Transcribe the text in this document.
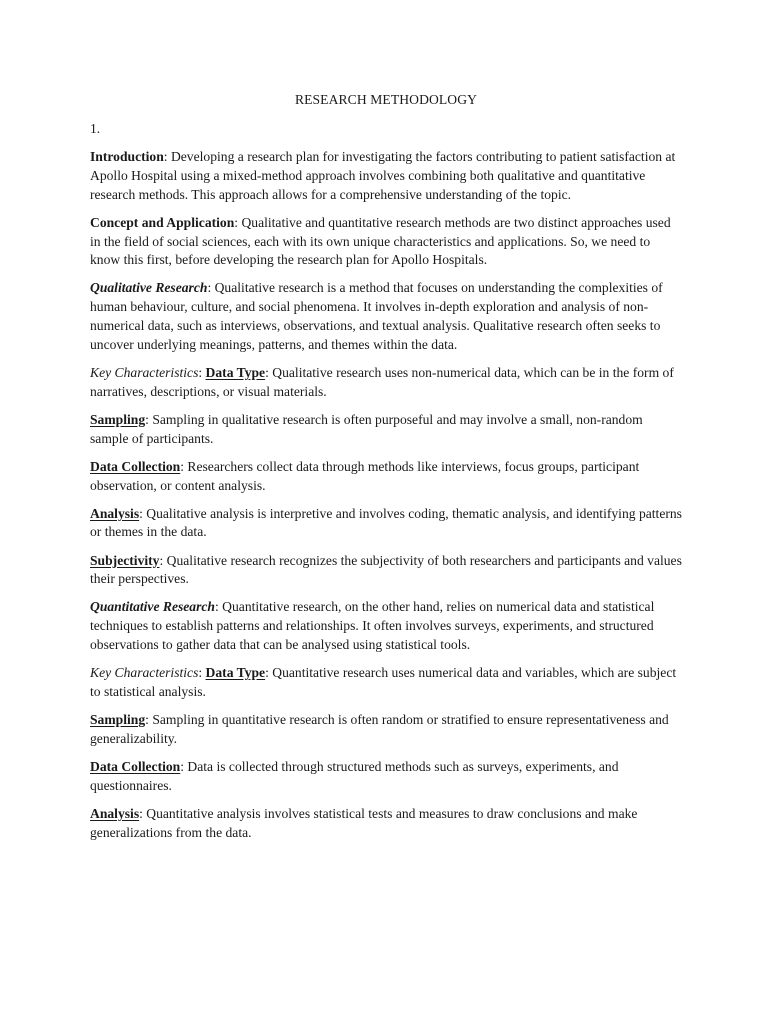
RESEARCH METHODOLOGY
1.

Introduction: Developing a research plan for investigating the factors contributing to patient satisfaction at Apollo Hospital using a mixed-method approach involves combining both qualitative and quantitative research methods. This approach allows for a comprehensive understanding of the topic.

Concept and Application: Qualitative and quantitative research methods are two distinct approaches used in the field of social sciences, each with its own unique characteristics and applications. So, we need to know this first, before developing the research plan for Apollo Hospitals.

Qualitative Research: Qualitative research is a method that focuses on understanding the complexities of human behaviour, culture, and social phenomena. It involves in-depth exploration and analysis of non-numerical data, such as interviews, observations, and textual analysis. Qualitative research often seeks to uncover underlying meanings, patterns, and themes within the data.

Key Characteristics: Data Type: Qualitative research uses non-numerical data, which can be in the form of narratives, descriptions, or visual materials.

Sampling: Sampling in qualitative research is often purposeful and may involve a small, non-random sample of participants.

Data Collection: Researchers collect data through methods like interviews, focus groups, participant observation, or content analysis.

Analysis: Qualitative analysis is interpretive and involves coding, thematic analysis, and identifying patterns or themes in the data.

Subjectivity: Qualitative research recognizes the subjectivity of both researchers and participants and values their perspectives.

Quantitative Research: Quantitative research, on the other hand, relies on numerical data and statistical techniques to establish patterns and relationships. It often involves surveys, experiments, and structured observations to gather data that can be analysed using statistical tools.

Key Characteristics: Data Type: Quantitative research uses numerical data and variables, which are subject to statistical analysis.

Sampling: Sampling in quantitative research is often random or stratified to ensure representativeness and generalizability.

Data Collection: Data is collected through structured methods such as surveys, experiments, and questionnaires.

Analysis: Quantitative analysis involves statistical tests and measures to draw conclusions and make generalizations from the data.
